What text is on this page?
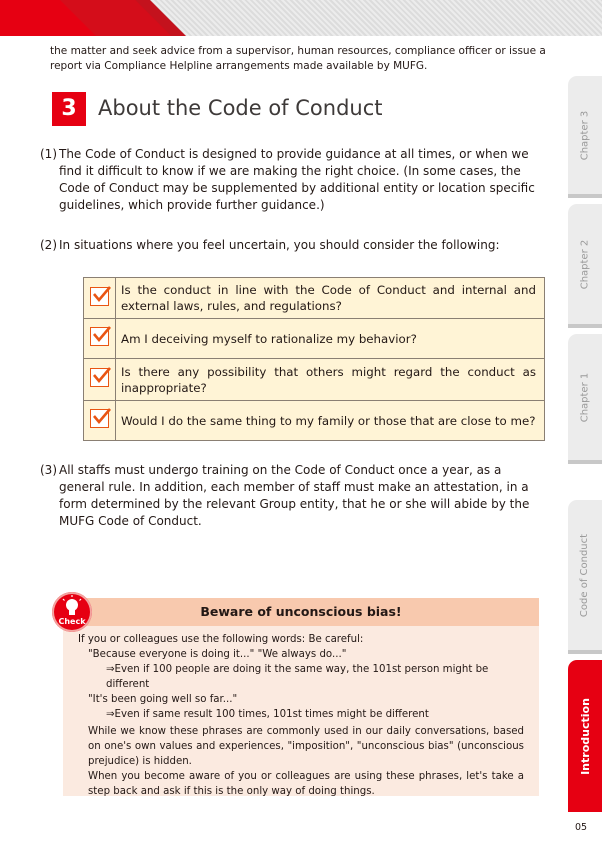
the matter and seek advice from a supervisor, human resources, compliance officer or issue a report via Compliance Helpline arrangements made available by MUFG.
3	About the Code of Conduct
(1) The Code of Conduct is designed to provide guidance at all times, or when we find it difficult to know if we are making the right choice. (In some cases, the Code of Conduct may be supplemented by additional entity or location specific guidelines, which provide further guidance.)
(2) In situations where you feel uncertain, you should consider the following:
	Is the conduct in line with the Code of Conduct and internal and external laws, rules, and regulations?

	Am I deceiving myself to rationalize my behavior?

	Is there any possibility that others might regard the conduct as inappropriate?

	Would I do the same thing to my family or those that are close to me?
(3) All staffs must undergo training on the Code of Conduct once a year, as a general rule. In addition, each member of staff must make an attestation, in a form determined by the relevant Group entity, that he or she will abide by the MUFG Code of Conduct.
Beware of unconscious bias!
If you or colleagues use the following words: Be careful:
"Because everyone is doing it..." "We always do..."
⇒Even if 100 people are doing it the same way, the 101st person might be different
"It's been going well so far..."
⇒Even if same result 100 times, 101st times might be different
While we know these phrases are commonly used in our daily conversations, based on one's own values and experiences, "imposition", "unconscious bias" (unconscious prejudice) is hidden.
When you become aware of you or colleagues are using these phrases, let's take a step back and ask if this is the only way of doing things.
Check
Chapter 3
Chapter 2
Chapter 1
Code of Conduct
Introduction
05
